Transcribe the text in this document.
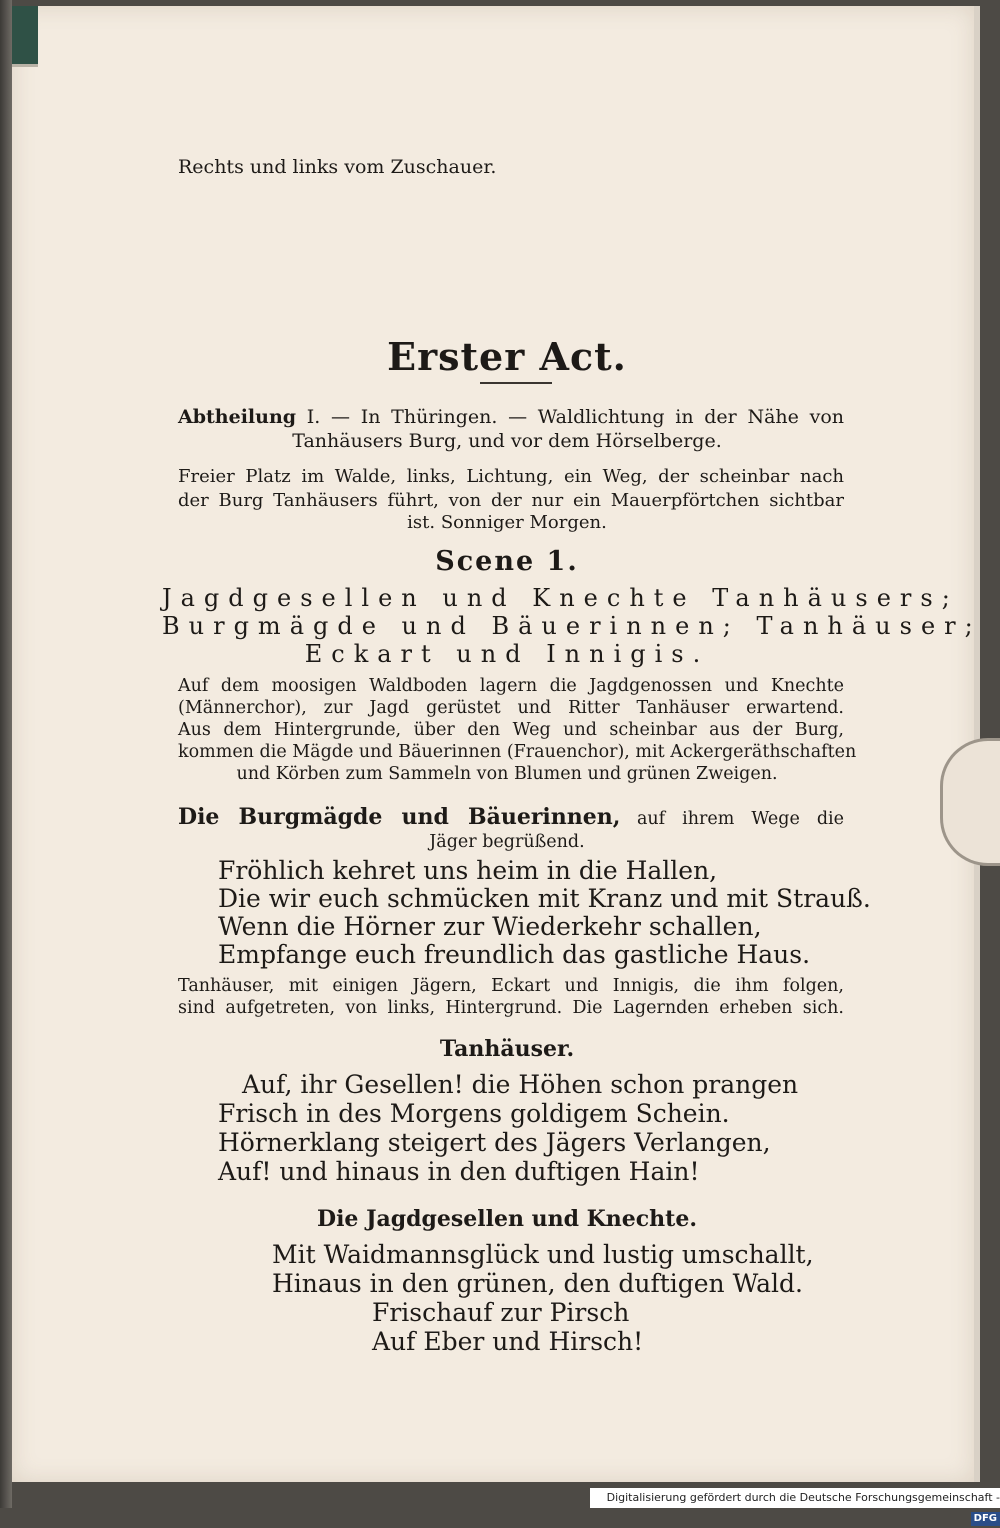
Rechts und links vom Zuschauer.

Erster Act.

Abtheilung I. — In Thüringen. — Waldlichtung in der Nähe von

Tanhäusers Burg, und vor dem Hörselberge.

Freier Platz im Walde, links, Lichtung, ein Weg, der scheinbar nach

der Burg Tanhäusers führt, von der nur ein Mauerpförtchen sichtbar

ist. Sonniger Morgen.

Scene 1.

Jagdgesellen und Knechte Tanhäusers;

Burgmägde und Bäuerinnen; Tanhäuser;

Eckart und Innigis.

Auf dem moosigen Waldboden lagern die Jagdgenossen und Knechte

(Männerchor), zur Jagd gerüstet und Ritter Tanhäuser erwartend.

Aus dem Hintergrunde, über den Weg und scheinbar aus der Burg,

kommen die Mägde und Bäuerinnen (Frauenchor), mit Ackergeräthschaften

und Körben zum Sammeln von Blumen und grünen Zweigen.

Die Burgmägde und Bäuerinnen, auf ihrem Wege die

Jäger begrüßend.

Fröhlich kehret uns heim in die Hallen,

Die wir euch schmücken mit Kranz und mit Strauß.

Wenn die Hörner zur Wiederkehr schallen,

Empfange euch freundlich das gastliche Haus.

Tanhäuser, mit einigen Jägern, Eckart und Innigis, die ihm folgen,

sind aufgetreten, von links, Hintergrund. Die Lagernden erheben sich.

Tanhäuser.

Auf, ihr Gesellen! die Höhen schon prangen

Frisch in des Morgens goldigem Schein.

Hörnerklang steigert des Jägers Verlangen,

Auf! und hinaus in den duftigen Hain!

Die Jagdgesellen und Knechte.

Mit Waidmannsglück und lustig umschallt,

Hinaus in den grünen, den duftigen Wald.

Frischauf zur Pirsch

Auf Eber und Hirsch!

Digitalisierung gefördert durch die Deutsche Forschungsgemeinschaft -DFG
